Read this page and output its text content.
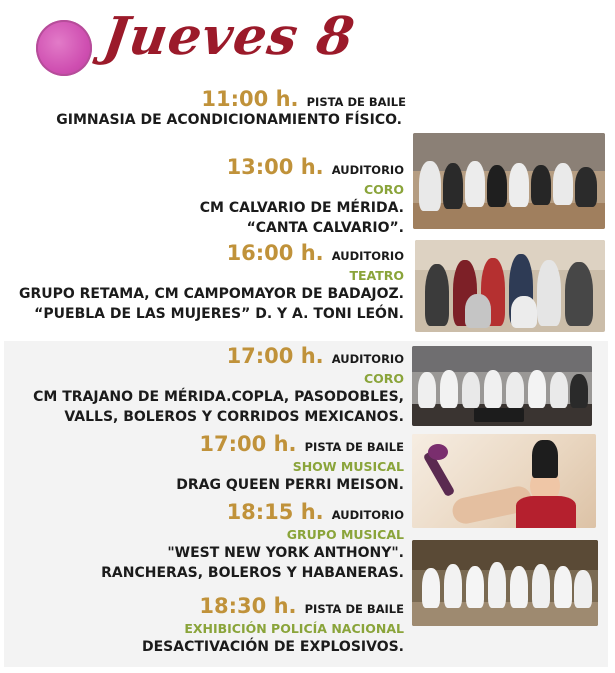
Jueves 8
11:00 h. PISTA DE BAILE
GIMNASIA DE ACONDICIONAMIENTO FÍSICO.
13:00 h. AUDITORIO
CORO
CM CALVARIO DE MÉRIDA.
“CANTA CALVARIO”.
16:00 h. AUDITORIO
TEATRO
GRUPO RETAMA, CM CAMPOMAYOR DE BADAJOZ.
“PUEBLA DE LAS MUJERES” D. Y A. TONI LEÓN.
17:00 h. AUDITORIO
CORO
CM TRAJANO DE MÉRIDA.COPLA, PASODOBLES,
VALLS, BOLEROS Y CORRIDOS MEXICANOS.
17:00 h. PISTA DE BAILE
SHOW MUSICAL
DRAG QUEEN PERRI MEISON.
18:15 h. AUDITORIO
GRUPO MUSICAL
"WEST NEW YORK ANTHONY".
RANCHERAS, BOLEROS Y HABANERAS.
18:30 h. PISTA DE BAILE
EXHIBICIÓN POLICÍA NACIONAL
DESACTIVACIÓN DE EXPLOSIVOS.
